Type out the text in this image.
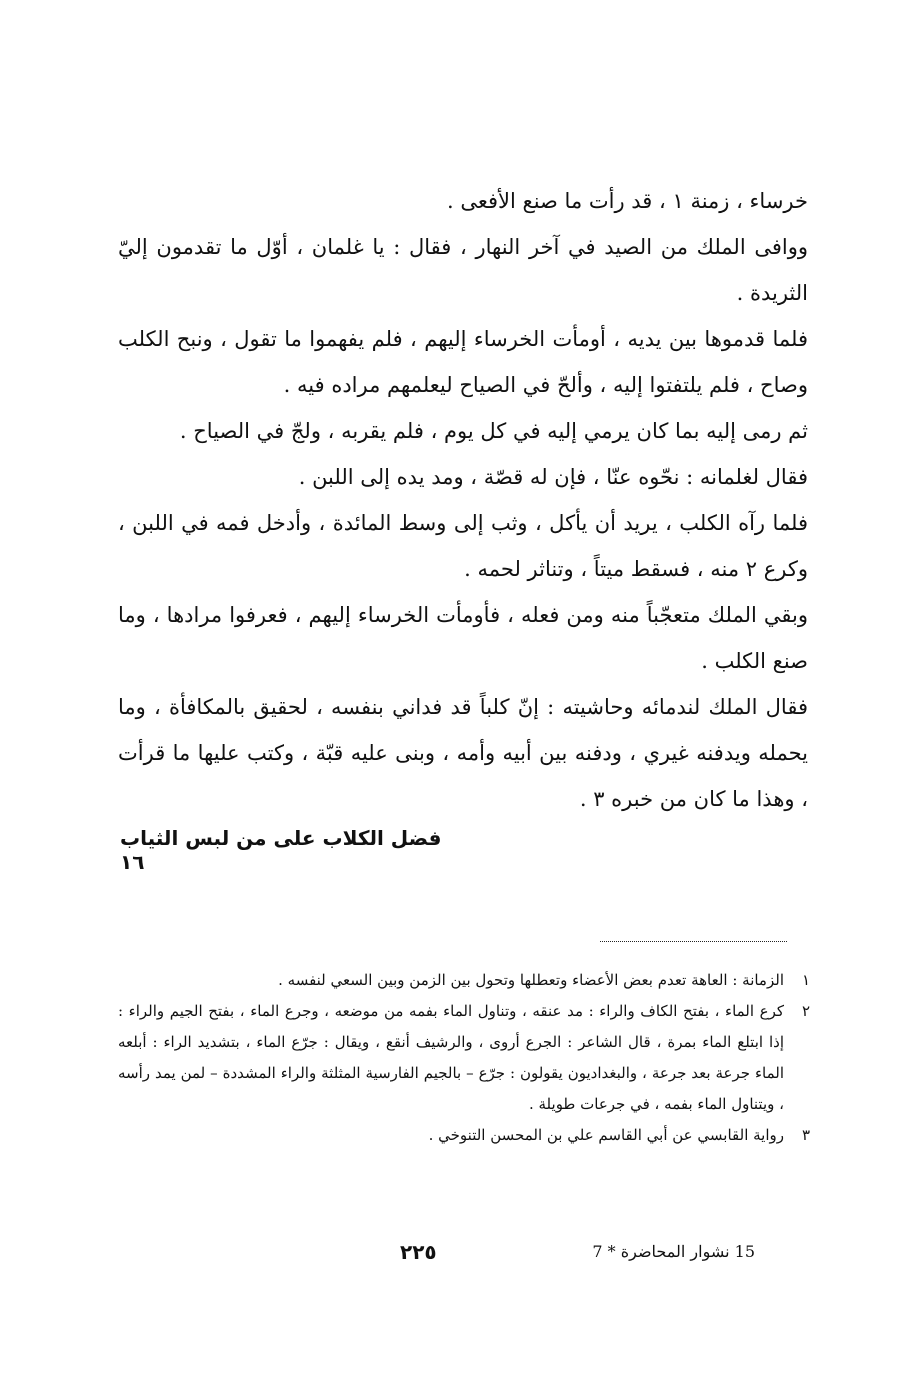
خرساء ، زمنة ١ ، قد رأت ما صنع الأفعى .

ووافى الملك من الصيد في آخر النهار ، فقال : يا غلمان ، أوّل ما تقدمون إليّ الثريدة .

فلما قدموها بين يديه ، أومأت الخرساء إليهم ، فلم يفهموا ما تقول ، ونبح الكلب وصاح ، فلم يلتفتوا إليه ، وألحّ في الصياح ليعلمهم مراده فيه .

ثم رمى إليه بما كان يرمي إليه في كل يوم ، فلم يقربه ، ولجّ في الصياح .

فقال لغلمانه : نحّوه عنّا ، فإن له قصّة ، ومد يده إلى اللبن .

فلما رآه الكلب ، يريد أن يأكل ، وثب إلى وسط المائدة ، وأدخل فمه في اللبن ، وكرع ٢ منه ، فسقط ميتاً ، وتناثر لحمه .

وبقي الملك متعجّباً منه ومن فعله ، فأومأت الخرساء إليهم ، فعرفوا مرادها ، وما صنع الكلب .

فقال الملك لندمائه وحاشيته : إنّ كلباً قد فداني بنفسه ، لحقيق بالمكافأة ، وما يحمله ويدفنه غيري ، ودفنه بين أبيه وأمه ، وبنى عليه قبّة ، وكتب عليها ما قرأت ، وهذا ما كان من خبره ٣ .

فضل الكلاب على من لبس الثياب ١٦
١
الزمانة : العاهة تعدم بعض الأعضاء وتعطلها وتحول بين الزمن وبين السعي لنفسه .
٢
كرع الماء ، بفتح الكاف والراء : مد عنقه ، وتناول الماء بفمه من موضعه ، وجرع الماء ، بفتح الجيم والراء : إذا ابتلع الماء بمرة ، قال الشاعر : الجرع أروى ، والرشيف أنقع ، ويقال : جرّع الماء ، بتشديد الراء : أبلعه الماء جرعة بعد جرعة ، والبغداديون يقولون : جرّع – بالجيم الفارسية المثلثة والراء المشددة – لمن يمد رأسه ، ويتناول الماء بفمه ، في جرعات طويلة .
٣
رواية القابسي عن أبي القاسم علي بن المحسن التنوخي .
٢٢٥	15 نشوار المحاضرة * 7
